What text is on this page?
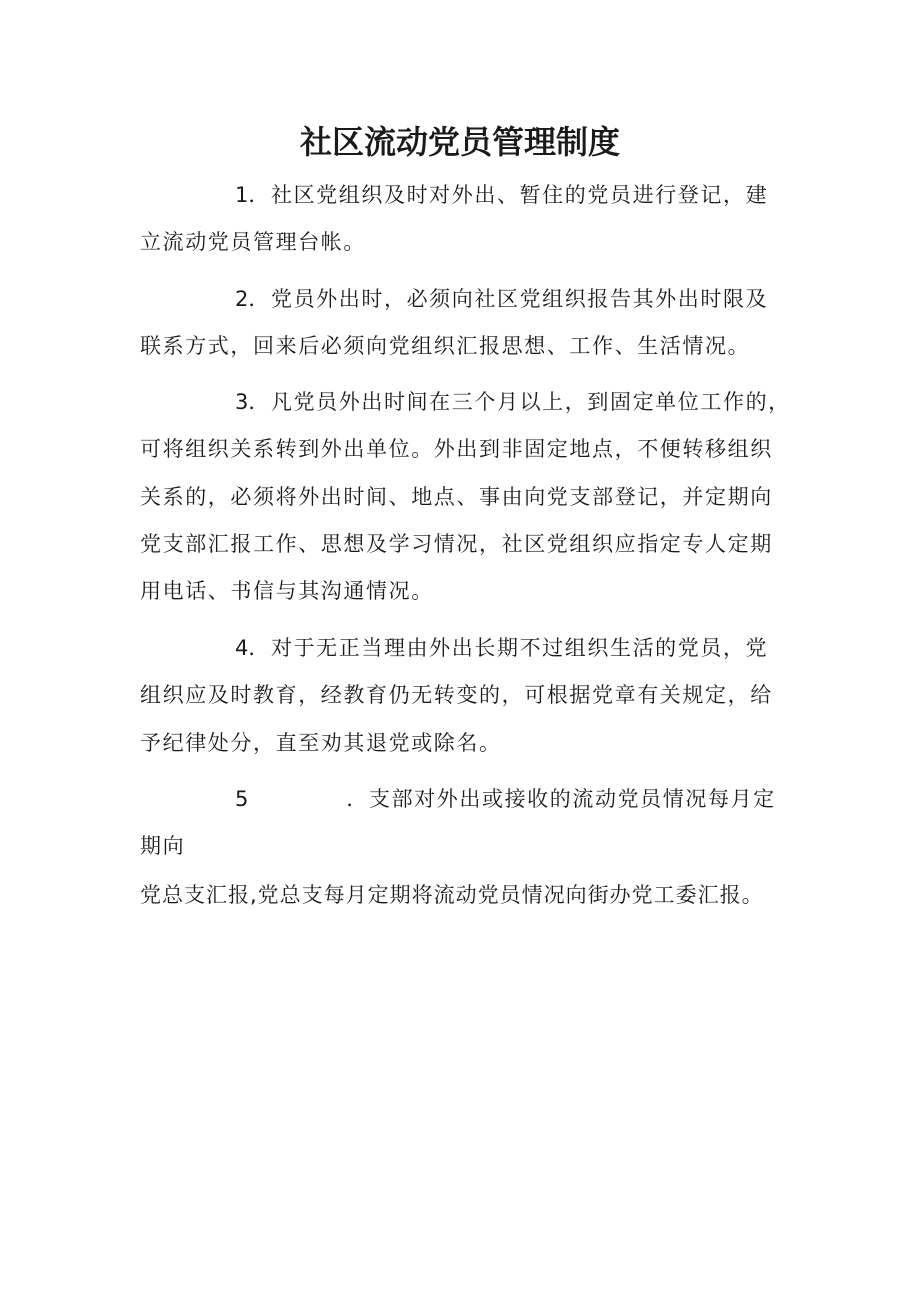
社区流动党员管理制度
1．社区党组织及时对外出、暂住的党员进行登记，建
立流动党员管理台帐。
2．党员外出时，必须向社区党组织报告其外出时限及
联系方式，回来后必须向党组织汇报思想、工作、生活情况。
3．凡党员外出时间在三个月以上，到固定单位工作的，
可将组织关系转到外出单位。外出到非固定地点，不便转移组织
关系的，必须将外出时间、地点、事由向党支部登记，并定期向
党支部汇报工作、思想及学习情况，社区党组织应指定专人定期
用电话、书信与其沟通情况。
4．对于无正当理由外出长期不过组织生活的党员，党
组织应及时教育，经教育仍无转变的，可根据党章有关规定，给
予纪律处分，直至劝其退党或除名。
5	．支部对外出或接收的流动党员情况每月定
期向
党总支汇报,党总支每月定期将流动党员情况向街办党工委汇报。
